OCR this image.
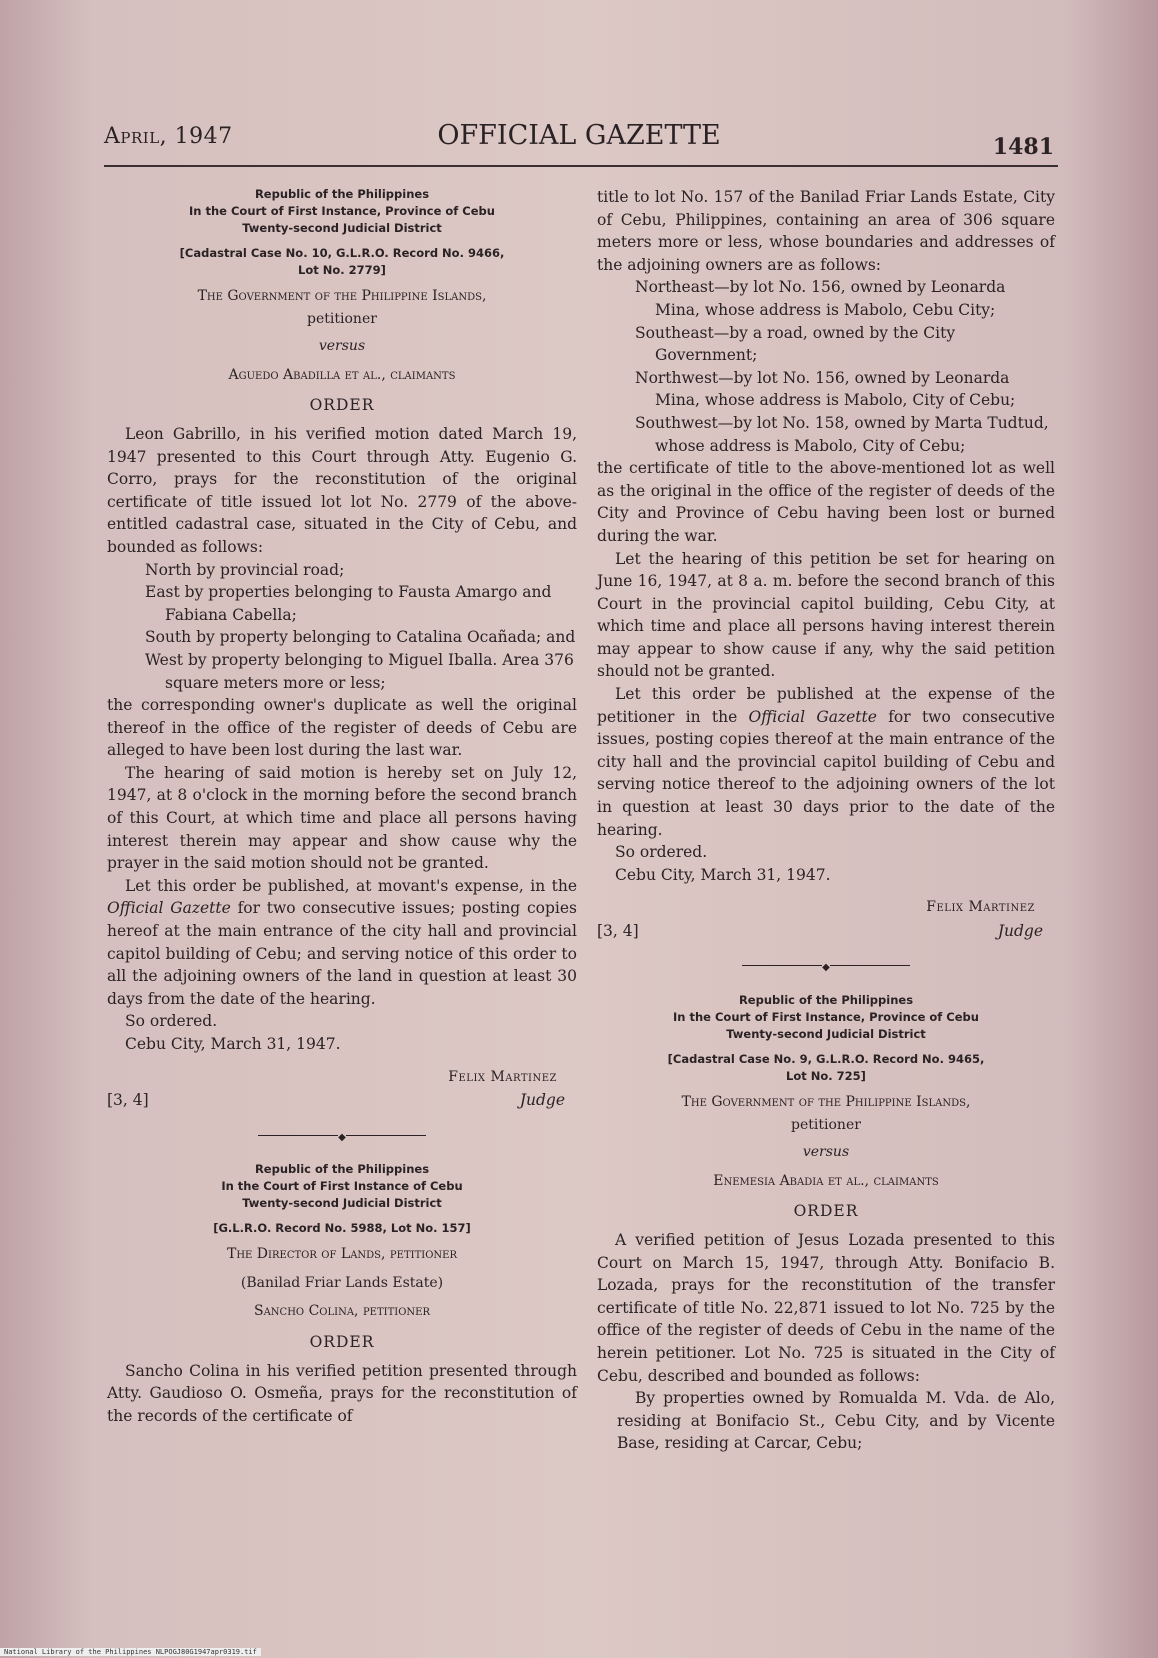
April, 1947	OFFICIAL GAZETTE	1481
Republic of the Philippines
In the Court of First Instance, Province of Cebu
Twenty-second Judicial District
[Cadastral Case No. 10, G.L.R.O. Record No. 9466,
Lot No. 2779]
The Government of the Philippine Islands,
petitioner
versus
Aguedo Abadilla et al., claimants
ORDER

Leon Gabrillo, in his verified motion dated March 19, 1947 presented to this Court through Atty. Eugenio G. Corro, prays for the reconstitution of the original certificate of title issued lot lot No. 2779 of the above-entitled cadastral case, situated in the City of Cebu, and bounded as follows:

North by provincial road;
East by properties belonging to Fausta Amargo and Fabiana Cabella;
South by property belonging to Catalina Ocañada; and
West by property belonging to Miguel Iballa. Area 376 square meters more or less;

the corresponding owner's duplicate as well the original thereof in the office of the register of deeds of Cebu are alleged to have been lost during the last war.

The hearing of said motion is hereby set on July 12, 1947, at 8 o'clock in the morning before the second branch of this Court, at which time and place all persons having interest therein may appear and show cause why the prayer in the said motion should not be granted.

Let this order be published, at movant's expense, in the Official Gazette for two consecutive issues; posting copies hereof at the main entrance of the city hall and provincial capitol building of Cebu; and serving notice of this order to all the adjoining owners of the land in question at least 30 days from the date of the hearing.

So ordered.

Cebu City, March 31, 1947.

Felix Martinez
[3, 4]	Judge
◆
Republic of the Philippines
In the Court of First Instance of Cebu
Twenty-second Judicial District
[G.L.R.O. Record No. 5988, Lot No. 157]
The Director of Lands, petitioner
(Banilad Friar Lands Estate)
Sancho Colina, petitioner
ORDER

Sancho Colina in his verified petition presented through Atty. Gaudioso O. Osmeña, prays for the reconstitution of the records of the certificate of

title to lot No. 157 of the Banilad Friar Lands Estate, City of Cebu, Philippines, containing an area of 306 square meters more or less, whose boundaries and addresses of the adjoining owners are as follows:

Northeast—by lot No. 156, owned by Leonarda Mina, whose address is Mabolo, Cebu City;
Southeast—by a road, owned by the City Government;
Northwest—by lot No. 156, owned by Leonarda Mina, whose address is Mabolo, City of Cebu;
Southwest—by lot No. 158, owned by Marta Tudtud, whose address is Mabolo, City of Cebu;

the certificate of title to the above-mentioned lot as well as the original in the office of the register of deeds of the City and Province of Cebu having been lost or burned during the war.

Let the hearing of this petition be set for hearing on June 16, 1947, at 8 a. m. before the second branch of this Court in the provincial capitol building, Cebu City, at which time and place all persons having interest therein may appear to show cause if any, why the said petition should not be granted.

Let this order be published at the expense of the petitioner in the Official Gazette for two consecutive issues, posting copies thereof at the main entrance of the city hall and the provincial capitol building of Cebu and serving notice thereof to the adjoining owners of the lot in question at least 30 days prior to the date of the hearing.

So ordered.

Cebu City, March 31, 1947.

Felix Martinez
[3, 4]	Judge
◆
Republic of the Philippines
In the Court of First Instance, Province of Cebu
Twenty-second Judicial District
[Cadastral Case No. 9, G.L.R.O. Record No. 9465,
Lot No. 725]
The Government of the Philippine Islands,
petitioner
versus
Enemesia Abadia et al., claimants
ORDER

A verified petition of Jesus Lozada presented to this Court on March 15, 1947, through Atty. Bonifacio B. Lozada, prays for the reconstitution of the transfer certificate of title No. 22,871 issued to lot No. 725 by the office of the register of deeds of Cebu in the name of the herein petitioner. Lot No. 725 is situated in the City of Cebu, described and bounded as follows:

By properties owned by Romualda M. Vda. de Alo, residing at Bonifacio St., Cebu City, and by Vicente Base, residing at Carcar, Cebu;

National Library of the Philippines NLPOGJ80G1947apr0319.tif
